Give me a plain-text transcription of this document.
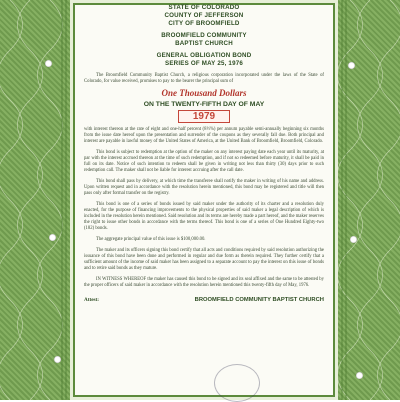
STATE OF COLORADO
COUNTY OF JEFFERSON
CITY OF BROOMFIELD
BROOMFIELD COMMUNITY
BAPTIST CHURCH
GENERAL OBLIGATION BOND
SERIES OF MAY 25, 1976
The Broomfield Community Baptist Church, a religious corporation incorporated under the laws of the State of Colorado, for value received, promises to pay to the bearer the principal sum of
One Thousand Dollars
ON THE TWENTY-FIFTH DAY OF MAY
1979
with interest thereon at the rate of eight and one-half percent (8½%) per annum payable semi-annually beginning six months from the issue date hereof upon the presentation and surrender of the coupons as they severally fall due. Both principal and interest are payable in lawful money of the United States of America, at the United Bank of Broomfield, Broomfield, Colorado.
This bond is subject to redemption at the option of the maker on any interest paying date each year until its maturity, at par with the interest accrued thereon at the time of such redemption, and if not so redeemed before maturity, it shall be paid in full on its date. Notice of such intention to redeem shall be given in writing not less than thirty (30) days prior to such redemption call. The maker shall not be liable for interest accruing after the call date.
This bond shall pass by delivery, at which time the transferee shall notify the maker in writing of his name and address. Upon written request and in accordance with the resolution herein mentioned, this bond may be registered and title will then pass only after formal transfer on the registry.
This bond is one of a series of bonds issued by said maker under the authority of its charter and a resolution duly enacted, for the purpose of financing improvements to the physical properties of said maker a legal description of which is included in the resolution herein mentioned. Said resolution and its terms are hereby made a part hereof, and the maker reserves the right to issue other bonds in accordance with the terms thereof. This bond is one of a series of One Hundred Eighty-two (182) bonds.
The aggregate principal value of this issue is $100,000.00.
The maker and its officers signing this bond certify that all acts and conditions required by said resolution authorizing the issuance of this bond have been done and performed in regular and due form as therein required. They further certify that a sufficient amount of the income of said maker has been assigned to a separate account to pay the interest on this issue of bonds and to retire said bonds as they mature.
IN WITNESS WHEREOF the maker has caused this bond to be signed and its seal affixed and the same to be attested by the proper officers of said maker in accordance with the resolution herein mentioned this twenty-fifth day of May, 1976.
Attest:	BROOMFIELD COMMUNITY BAPTIST CHURCH
